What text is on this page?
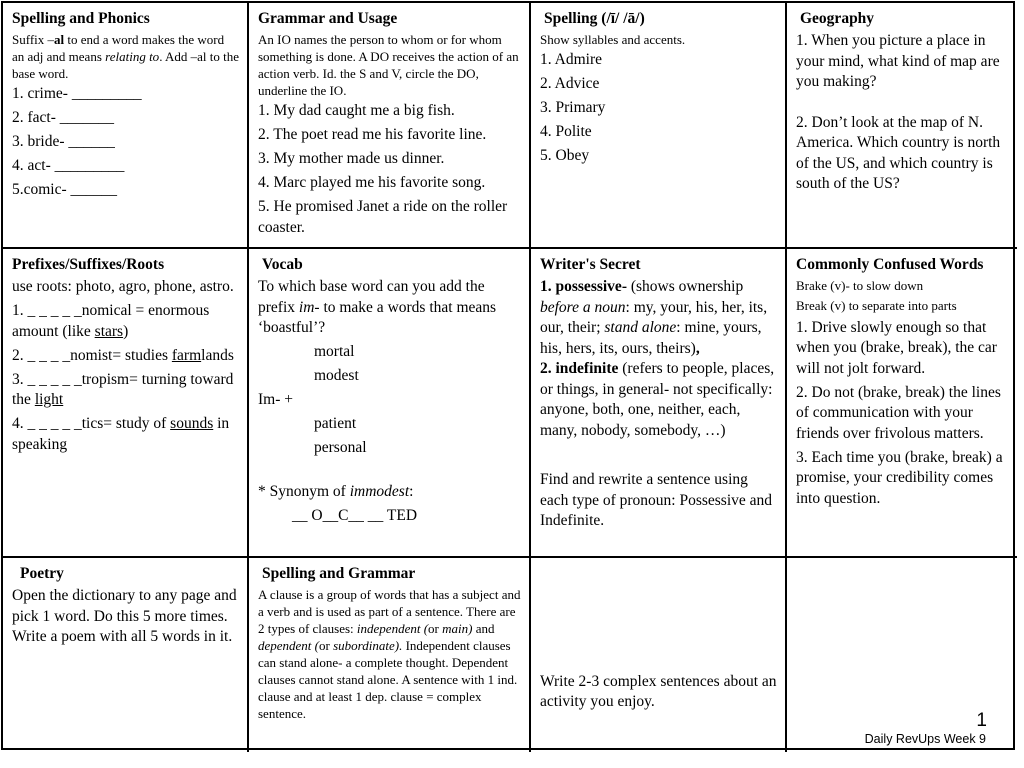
Spelling and Phonics

Suffix –al to end a word makes the word an adj and means relating to. Add –al to the base word.

1. crime- _________

2. fact- _______

3. bride- ______

4. act- _________

5.comic- ______

Grammar and Usage

An IO names the person to whom or for whom something is done. A DO receives the action of an action verb. Id. the S and V, circle the DO, underline the IO.

1. My dad caught me a big fish.

2. The poet read me his favorite line.

3. My mother made us dinner.

4. Marc played me his favorite song.

5. He promised Janet a ride on the roller coaster.

Spelling (/ī/ /ā/)

Show syllables and accents.

1. Admire

2. Advice

3. Primary

4. Polite

5. Obey

Geography

1. When you picture a place in your mind, what kind of map are you making?

2. Don’t look at the map of N. America. Which country is north of the US, and which country is south of the US?

Prefixes/Suffixes/Roots

use roots: photo, agro, phone, astro.

1. _ _ _ _ _nomical = enormous amount (like stars)

2. _ _ _ _nomist= studies farmlands

3. _ _ _ _ _tropism= turning toward the light

4. _ _ _ _ _tics= study of sounds in speaking

Vocab

To which base word can you add the prefix im- to make a words that means ‘boastful’?

mortal

modest

Im- +

patient

personal

* Synonym of immodest:

__ O__C__ __ TED

Writer's Secret

1. possessive- (shows ownership before a noun: my, your, his, her, its, our, their; stand alone: mine, yours, his, hers, its, ours, theirs),

2. indefinite (refers to people, places, or things, in general- not specifically: anyone, both, one, neither, each, many, nobody, somebody, …)

Find and rewrite a sentence using each type of pronoun: Possessive and Indefinite.

Commonly Confused Words

Brake (v)- to slow down

Break (v) to separate into parts

1. Drive slowly enough so that when you (brake, break), the car will not jolt forward.

2. Do not (brake, break) the lines of communication with your friends over frivolous matters.

3. Each time you (brake, break) a promise, your credibility comes into question.

Poetry

Open the dictionary to any page and pick 1 word. Do this 5 more times. Write a poem with all 5 words in it.

Spelling and Grammar

A clause is a group of words that has a subject and a verb and is used as part of a sentence. There are 2 types of clauses: independent (or main) and dependent (or subordinate). Independent clauses can stand alone- a complete thought. Dependent clauses cannot stand alone. A sentence with 1 ind. clause and at least 1 dep. clause = complex sentence.

Write 2-3 complex sentences about an activity you enjoy.

1
Daily RevUps Week 9
